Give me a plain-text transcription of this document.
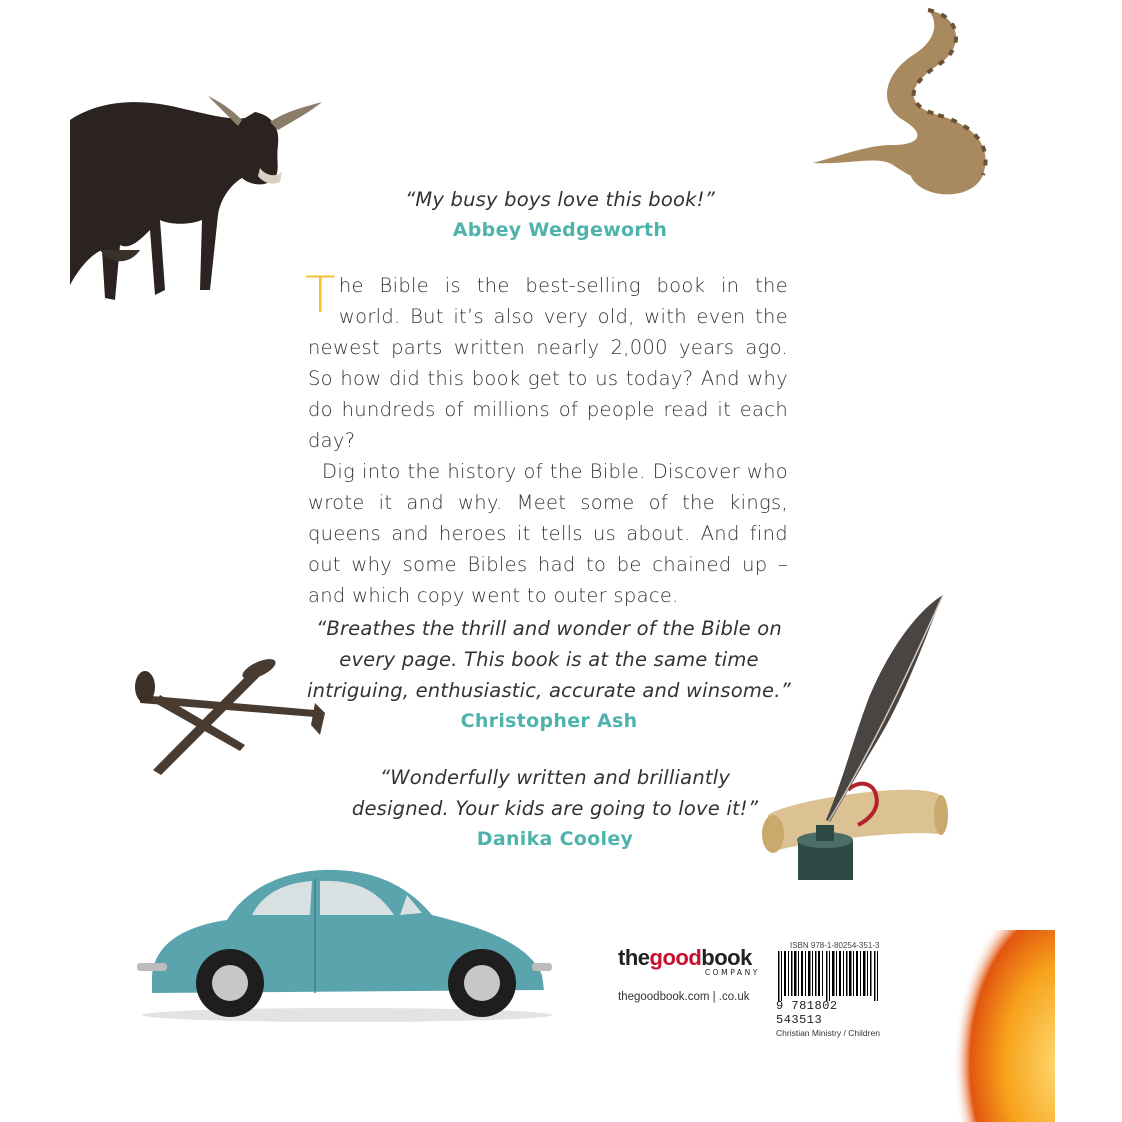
“My busy boys love this book!”
Abbey Wedgeworth

The Bible is the best-selling book in the world. But it’s also very old, with even the newest parts written nearly 2,000 years ago. So how did this book get to us today? And why do hundreds of millions of people read it each day?

Dig into the history of the Bible. Discover who wrote it and why. Meet some of the kings, queens and heroes it tells us about. And find out why some Bibles had to be chained up – and which copy went to outer space.

“Breathes the thrill and wonder of the Bible on every page. This book is at the same time intriguing, enthusiastic, accurate and winsome.”
Christopher Ash
“Wonderfully written and brilliantly designed. Your kids are going to love it!”
Danika Cooley
thegoodbook
COMPANY
thegoodbook.com | .co.uk
ISBN 978-1-80254-351-3
9 781802 543513
Christian Ministry / Children
